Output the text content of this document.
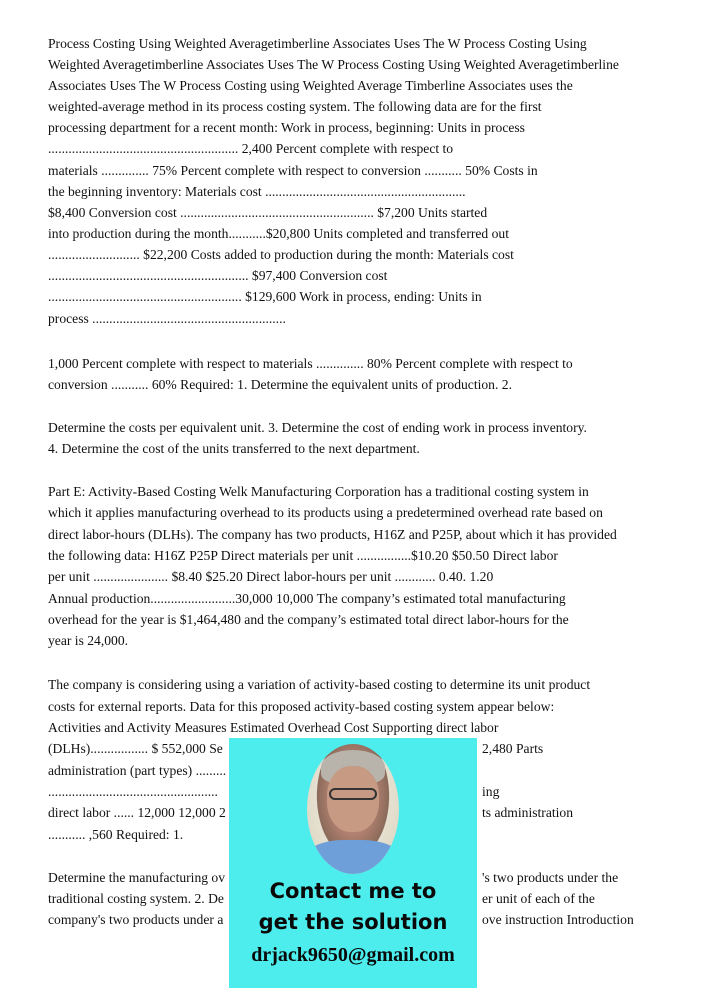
Process Costing Using Weighted Averagetimberline Associates Uses The W Process Costing Using
Weighted Averagetimberline Associates Uses The W Process Costing Using Weighted Averagetimberline
Associates Uses The W Process Costing using Weighted Average Timberline Associates uses the
weighted-average method in its process costing system. The following data are for the first
processing department for a recent month: Work in process, beginning: Units in process
........................................................ 2,400 Percent complete with respect to
materials .............. 75% Percent complete with respect to conversion ........... 50% Costs in
the beginning inventory: Materials cost ...........................................................
$8,400 Conversion cost ......................................................... $7,200 Units started
into production during the month...........$20,800 Units completed and transferred out
........................... $22,200 Costs added to production during the month: Materials cost
........................................................... $97,400 Conversion cost
......................................................... $129,600 Work in process, ending: Units in
process .........................................................
1,000 Percent complete with respect to materials .............. 80% Percent complete with respect to
conversion ........... 60% Required: 1. Determine the equivalent units of production. 2.
Determine the costs per equivalent unit. 3. Determine the cost of ending work in process inventory.
4. Determine the cost of the units transferred to the next department.
Part E: Activity-Based Costing Welk Manufacturing Corporation has a traditional costing system in
which it applies manufacturing overhead to its products using a predetermined overhead rate based on
direct labor-hours (DLHs). The company has two products, H16Z and P25P, about which it has provided
the following data: H16Z P25P Direct materials per unit ................$10.20 $50.50 Direct labor
per unit ...................... $8.40 $25.20 Direct labor-hours per unit ............ 0.40. 1.20
Annual production.........................30,000 10,000 The company’s estimated total manufacturing
overhead for the year is $1,464,480 and the company’s estimated total direct labor-hours for the
year is 24,000.
The company is considering using a variation of activity-based costing to determine its unit product
costs for external reports. Data for this proposed activity-based costing system appear below:
Activities and Activity Measures Estimated Overhead Cost Supporting direct labor
(DLHs)................. $ 552,000 Se
administration (part types) .........
..................................................
direct labor ...... 12,000 12,000 2
........... ,560 Required: 1.
Determine the manufacturing ov
traditional costing system. 2. De
company's two products under a
2,480 Parts
ing
ts administration
's two products under the
er unit of each of the
ove instruction Introduction
Contact me to
get the solution
drjack9650@gmail.com
